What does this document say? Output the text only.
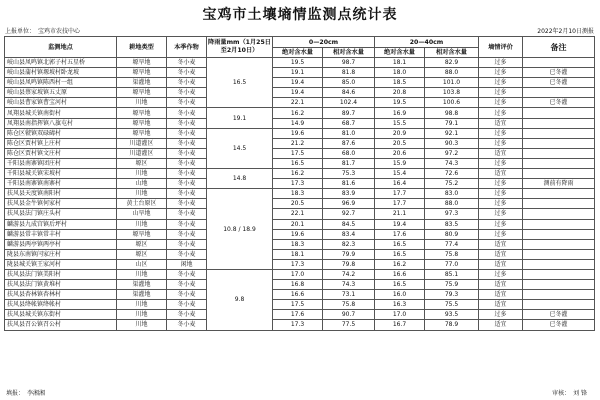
宝鸡市土壤墒情监测点统计表
上报单位： 宝鸡市农技中心	2022年2月10日测报
监测地点	耕地类型	本季作物	降雨量mm（1月25日至2月10日）	0—20cm		20—40cm		墒情评价	备注
				绝对含水量	相对含水量	绝对含水量	相对含水量		
岐山县凤鸣镇北郭子村五星桥	塬旱地	冬小麦	16.5	19.5	98.7	18.1	82.9	过多	
岐山县蒲村镇塬坡村卧龙坡	塬旱地	冬小麦		19.1	81.8	18.0	88.0	过多	已冬灌
岐山县凤鸣镇陈西村一组	渠灌地	冬小麦		19.4	85.0	18.5	101.0	过多	已冬灌
岐山县蔡家坡镇五丈原	塬旱地	冬小麦		19.4	84.6	20.8	103.8	过多	
岐山县曹家镇曹宝河村	川地	冬小麦		22.1	102.4	19.5	100.6	过多	已冬灌
凤翔县城关镇南街村	塬旱地	冬小麦	19.1	16.2	89.7	16.9	98.8	过多	
凤翔县南指挥镇八旗屯村	塬旱地	冬小麦		14.9	68.7	15.5	79.1	适宜	
陈仓区虢镇双碌碡村	塬旱地	冬小麦	14.5	19.6	81.0	20.9	92.1	过多	
陈仓区贾村镇上庄村	川道灌区	冬小麦		21.2	87.6	20.5	90.3	过多	
陈仓区贾村镇文庄村	川道灌区	冬小麦		17.5	68.0	20.6	97.2	适宜	
千阳县南寨镇团庄村	塬区	冬小麦		16.5	81.7	15.9	74.3	过多	
千阳县城关镇宋坡村	川地	冬小麦	14.8	16.2	75.3	15.4	72.6	适宜	
千阳县南寨镇南寨村	山地	冬小麦		17.3	81.6	16.4	75.2	过多	测前有降雨
扶风县天度镇南阳村	川地	冬小麦	10.8 / 18.9	18.3	83.9	17.7	83.0	过多	
扶风县金牛镇何家村	黄土台原区	冬小麦		20.5	96.9	17.7	88.0	过多	
扶风县法门镇庄头村	山旱地	冬小麦		22.1	92.7	21.1	97.3	过多	
麟游县九成宫镇后坪村	川地	冬小麦		20.1	84.5	19.4	83.5	过多	
麟游县常丰镇常丰村	塬旱地	冬小麦		19.6	83.4	17.6	80.9	过多	
麟游县两亭镇两亭村	塬区	冬小麦		18.3	82.3	16.5	77.4	适宜	
陇县东南镇闫家庄村	塬区	冬小麦		18.1	79.9	16.5	75.8	适宜	
陇县城关镇王家河村	山区	闲地		17.3	79.8	16.2	77.0	适宜	
扶风县法门镇美阳村	川地	冬小麦	9.8	17.0	74.2	16.6	85.1	过多	
扶风县法门镇黄堆村	渠灌地	冬小麦		16.8	74.3	16.5	75.9	适宜	
扶风县杏林镇杏林村	渠灌地	冬小麦		16.6	73.1	16.0	79.3	适宜	
扶风县绛帐镇绛帐村	川地	冬小麦		17.5	75.8	16.3	75.5	适宜	
扶风县城关镇东街村	川地	冬小麦		17.6	90.7	17.0	93.5	过多	已冬灌
扶风县召公镇召公村	川地	冬小麦		17.3	77.5	16.7	78.9	适宜	已冬灌
填报： 李湘湘	审核： 刘 锋
